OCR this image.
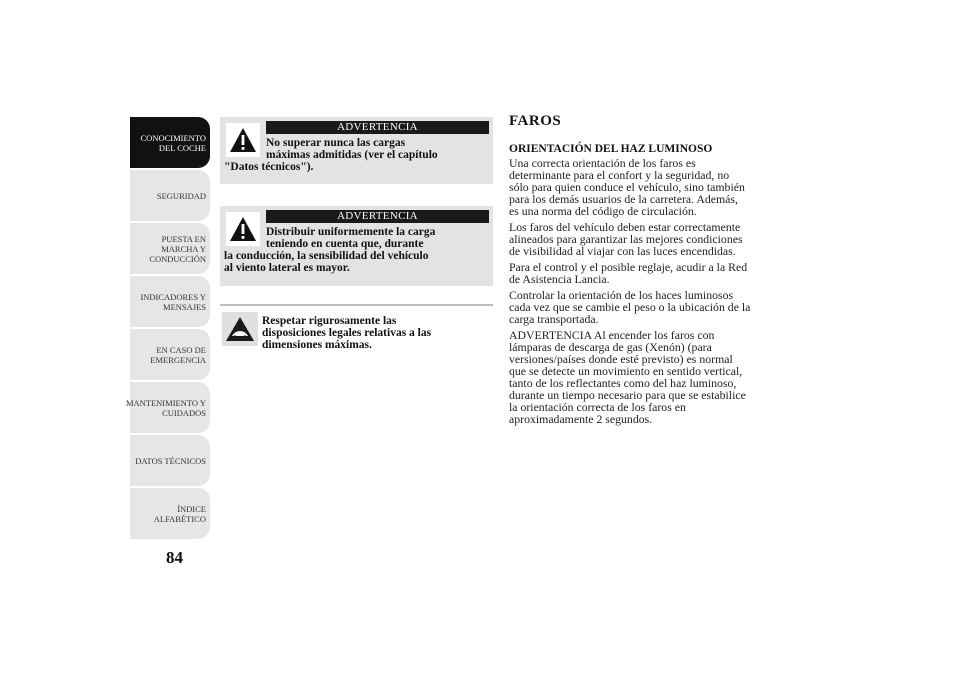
CONOCIMIENTO
DEL COCHE
SEGURIDAD
PUESTA EN
MARCHA Y
CONDUCCIÓN
INDICADORES Y
MENSAJES
EN CASO DE
EMERGENCIA
MANTENIMIENTO Y
CUIDADOS
DATOS TÉCNICOS
ÍNDICE
ALFABÉTICO
84
ADVERTENCIA
No superar nunca las cargas
máximas admitidas (ver el capítulo
"Datos técnicos").
ADVERTENCIA
Distribuir uniformemente la carga
teniendo en cuenta que, durante
la conducción, la sensibilidad del vehículo
al viento lateral es mayor.
Respetar rigurosamente las
disposiciones legales relativas a las
dimensiones máximas.
FAROS
ORIENTACIÓN DEL HAZ LUMINOSO

Una correcta orientación de los faros es
determinante para el confort y la seguridad, no
sólo para quien conduce el vehículo, sino también
para los demás usuarios de la carretera. Además,
es una norma del código de circulación.

Los faros del vehículo deben estar correctamente
alineados para garantizar las mejores condiciones
de visibilidad al viajar con las luces encendidas.

Para el control y el posible reglaje, acudir a la Red
de Asistencia Lancia.

Controlar la orientación de los haces luminosos
cada vez que se cambie el peso o la ubicación de la
carga transportada.

ADVERTENCIA Al encender los faros con
lámparas de descarga de gas (Xenón) (para
versiones/países donde esté previsto) es normal
que se detecte un movimiento en sentido vertical,
tanto de los reflectantes como del haz luminoso,
durante un tiempo necesario para que se estabilice
la orientación correcta de los faros en
aproximadamente 2 segundos.
